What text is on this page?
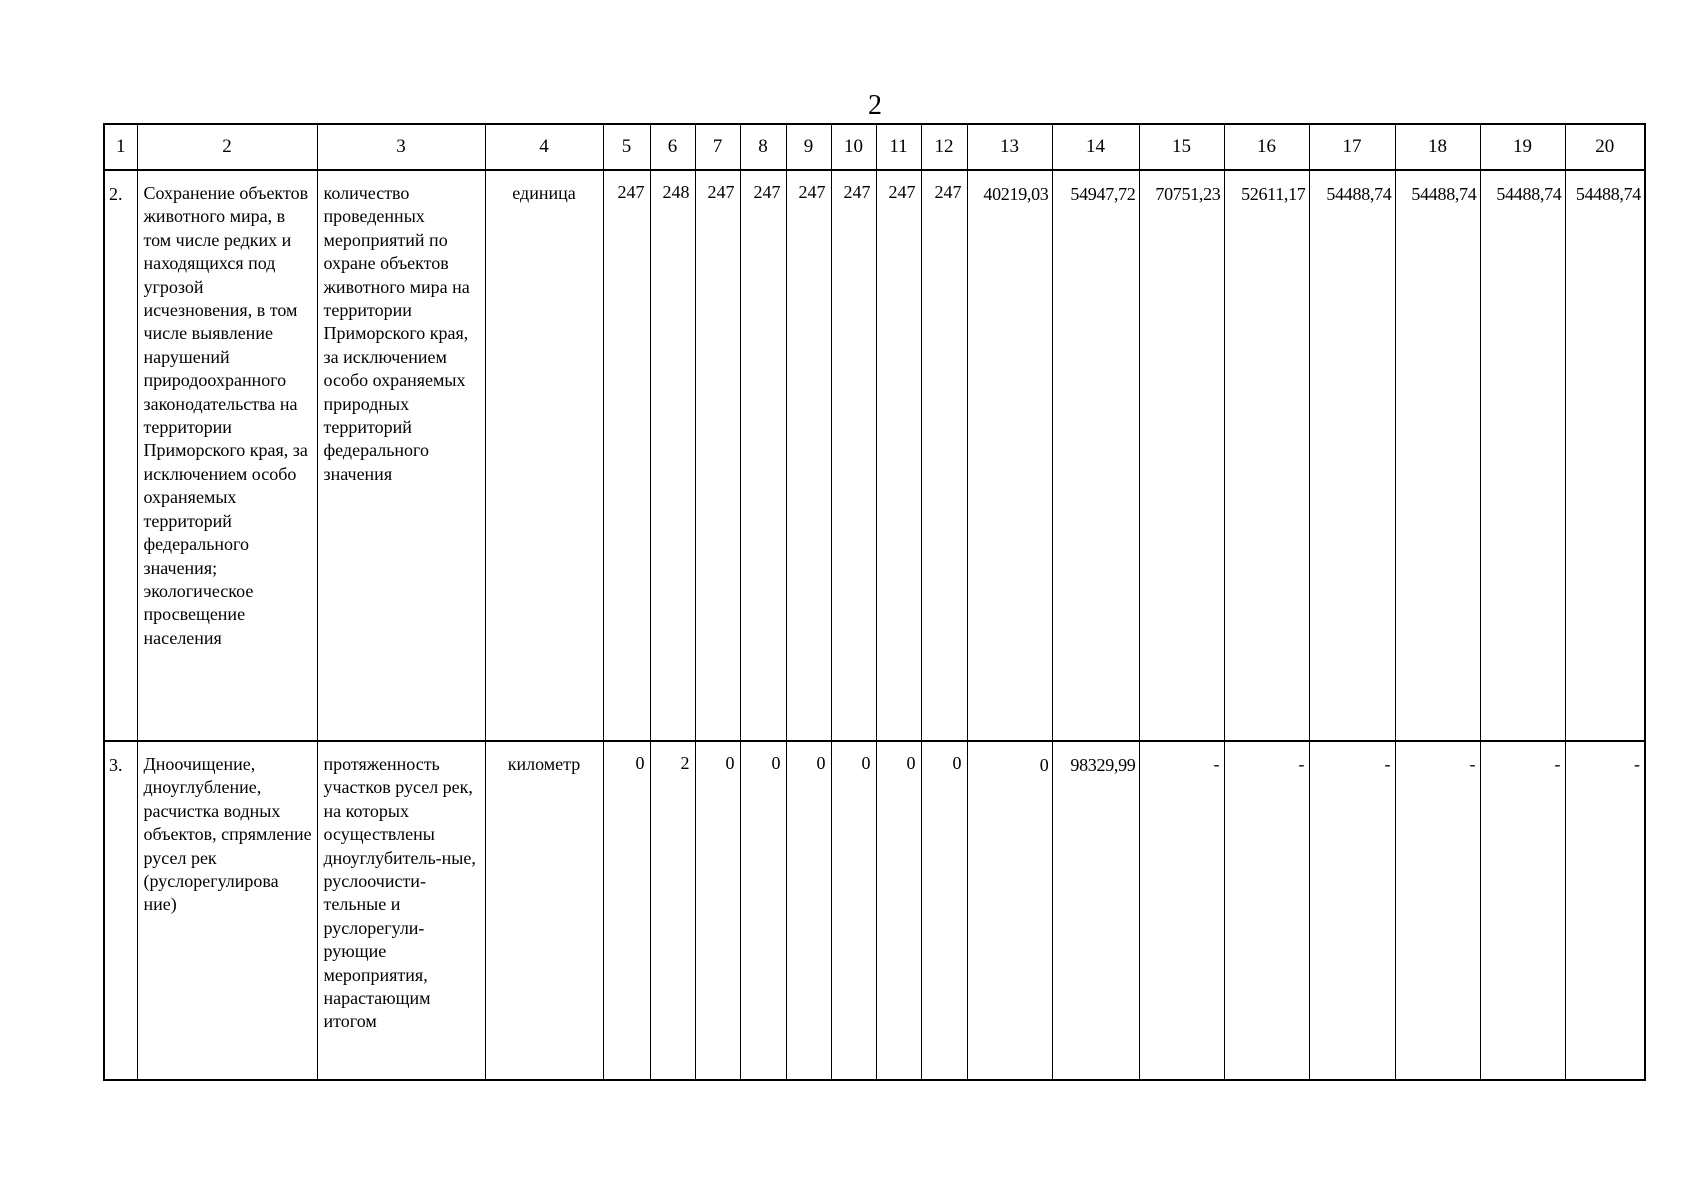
2
1	2	3	4	5	6	7	8	9	10	11	12	13	14	15	16	17	18	19	20
2.	Сохранение объектов животного мира, в том числе редких и находящихся под угрозой исчезновения, в том числе выявление нарушений природоохранного законодательства на территории Приморского края, за исключением особо охраняемых территорий федерального значения; экологическое просвещение населения	количество проведенных мероприятий по охране объектов животного мира на территории Приморского края, за исключением особо охраняемых природных территорий федерального значения	единица	247	248	247	247	247	247	247	247	40219,03	54947,72	70751,23	52611,17	54488,74	54488,74	54488,74	54488,74
3.	Дноочищение, дноуглубление, расчистка водных объектов, спрямление русел рек (руслорегулирова ние)	протяженность участков русел рек, на которых осуществлены дноуглубитель-ные, руслоочисти-тельные и руслорегули-рующие мероприятия, нарастающим итогом	километр	0	2	0	0	0	0	0	0	0	98329,99	-	-	-	-	-	-
